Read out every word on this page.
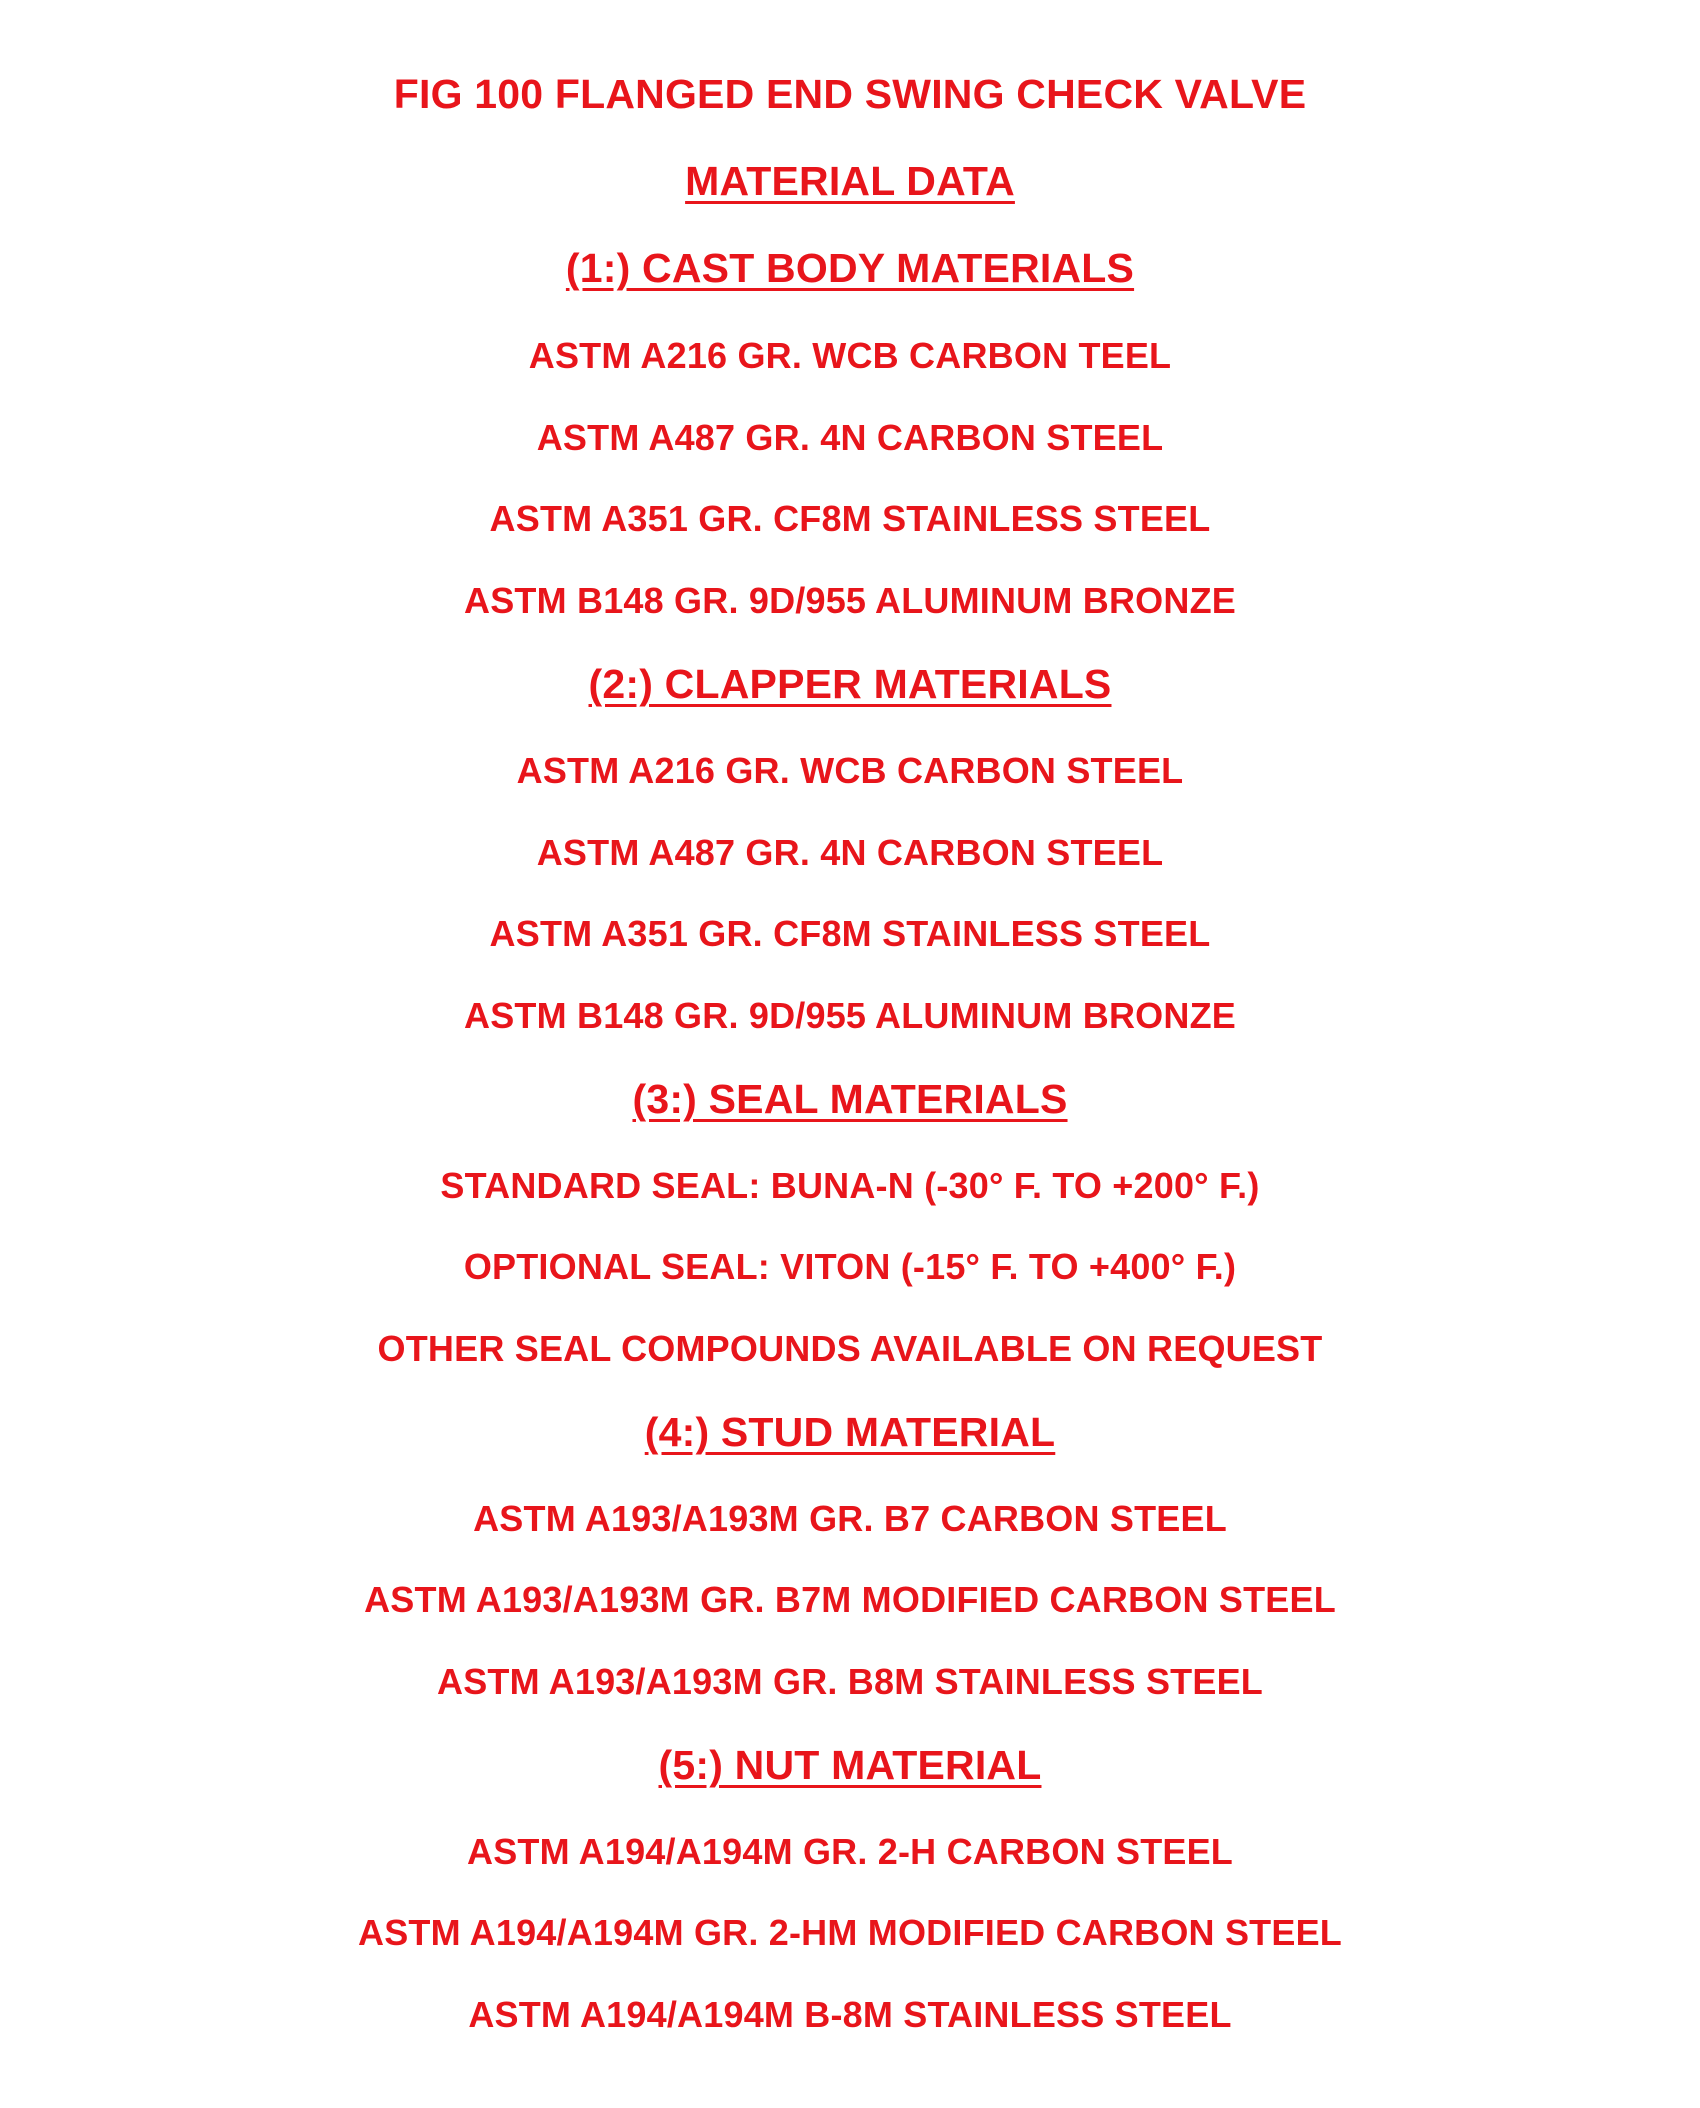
FIG 100 FLANGED END SWING CHECK VALVE
MATERIAL DATA
(1:) CAST BODY MATERIALS
ASTM A216 GR. WCB CARBON TEEL
ASTM A487 GR. 4N CARBON STEEL
ASTM A351 GR. CF8M STAINLESS STEEL
ASTM B148 GR. 9D/955 ALUMINUM BRONZE
(2:) CLAPPER MATERIALS
ASTM A216 GR. WCB CARBON STEEL
ASTM A487 GR. 4N CARBON STEEL
ASTM A351 GR. CF8M STAINLESS STEEL
ASTM B148 GR. 9D/955 ALUMINUM BRONZE
(3:) SEAL MATERIALS
STANDARD SEAL: BUNA-N (-30° F. TO +200° F.)
OPTIONAL SEAL: VITON (-15° F. TO +400° F.)
OTHER SEAL COMPOUNDS AVAILABLE ON REQUEST
(4:) STUD MATERIAL
ASTM A193/A193M GR. B7 CARBON STEEL
ASTM A193/A193M GR. B7M MODIFIED CARBON STEEL
ASTM A193/A193M GR. B8M STAINLESS STEEL
(5:) NUT MATERIAL
ASTM A194/A194M GR. 2-H CARBON STEEL
ASTM A194/A194M GR. 2-HM MODIFIED CARBON STEEL
ASTM A194/A194M B-8M STAINLESS STEEL
